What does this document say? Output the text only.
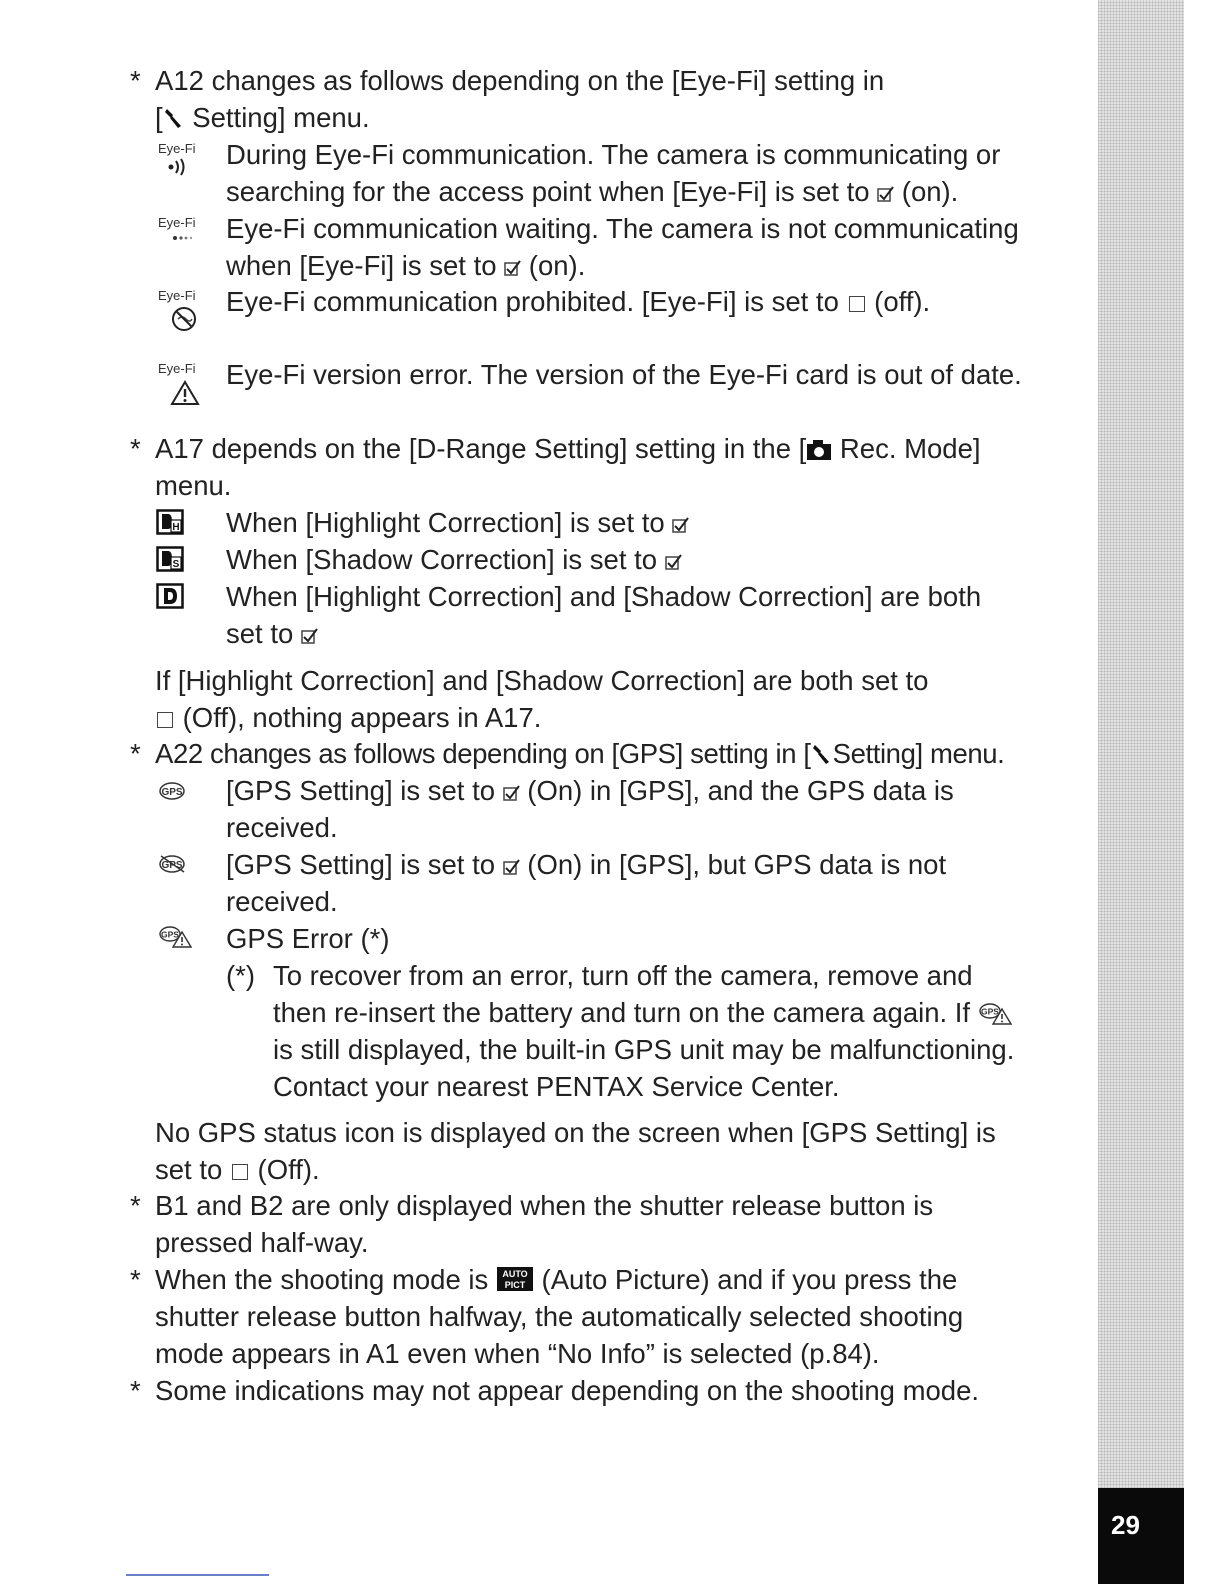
29
* A12 changes as follows depending on the [Eye-Fi] setting in
[ Setting] menu.
Eye-Fi During Eye-Fi communication. The camera is communicating or
searching for the access point when [Eye-Fi] is set to  (on).
Eye-Fi Eye-Fi communication waiting. The camera is not communicating
when [Eye-Fi] is set to  (on).
Eye-Fi Eye-Fi communication prohibited. [Eye-Fi] is set to  (off).
Eye-Fi Eye-Fi version error. The version of the Eye-Fi card is out of date.
* A17 depends on the [D-Range Setting] setting in the [ Rec. Mode]
menu.
H When [Highlight Correction] is set to
S When [Shadow Correction] is set to
When [Highlight Correction] and [Shadow Correction] are both
set to
If [Highlight Correction] and [Shadow Correction] are both set to
(Off), nothing appears in A17.
* A22 changes as follows depending on [GPS] setting in [ Setting] menu.
GPS [GPS Setting] is set to  (On) in [GPS], and the GPS data is
received.
GPS [GPS Setting] is set to  (On) in [GPS], but GPS data is not
received.
GPS GPS Error (*)
(*) To recover from an error, turn off the camera, remove and
then re-insert the battery and turn on the camera again. If GPS
is still displayed, the built-in GPS unit may be malfunctioning.
Contact your nearest PENTAX Service Center.
No GPS status icon is displayed on the screen when [GPS Setting] is
set to  (Off).
* B1 and B2 are only displayed when the shutter release button is
pressed half-way.
* When the shooting mode is AUTO
PICT (Auto Picture) and if you press the
shutter release button halfway, the automatically selected shooting
mode appears in A1 even when “No Info” is selected (p.84).
* Some indications may not appear depending on the shooting mode.
